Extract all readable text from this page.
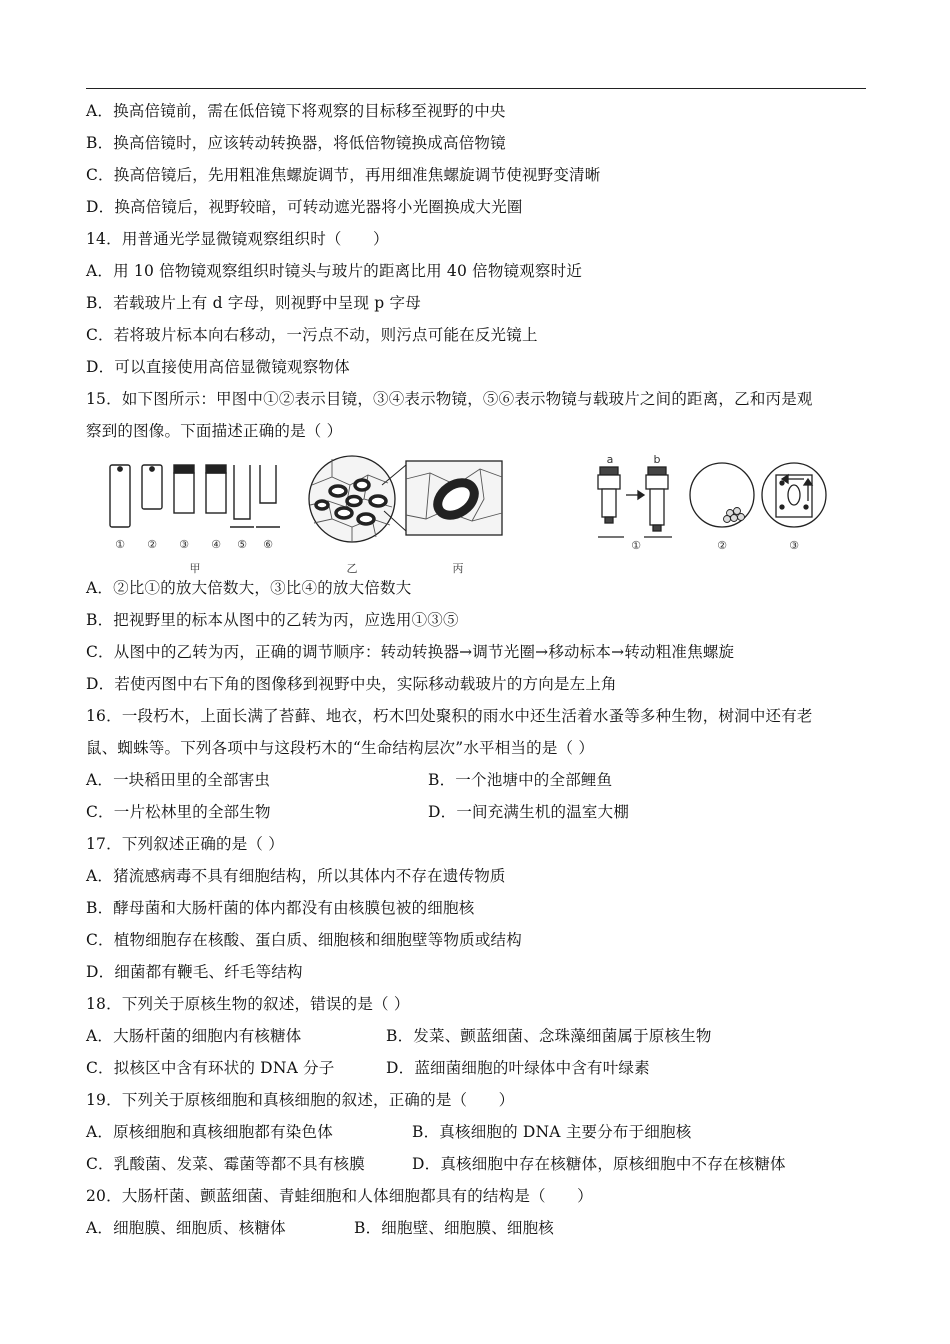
A．换高倍镜前，需在低倍镜下将观察的目标移至视野的中央
B．换高倍镜时，应该转动转换器，将低倍物镜换成高倍物镜
C．换高倍镜后，先用粗准焦螺旋调节，再用细准焦螺旋调节使视野变清晰
D．换高倍镜后，视野较暗，可转动遮光器将小光圈换成大光圈
14．用普通光学显微镜观察组织时（　　）
A．用 10 倍物镜观察组织时镜头与玻片的距离比用 40 倍物镜观察时近
B．若载玻片上有 d 字母，则视野中呈现 p 字母
C．若将玻片标本向右移动，一污点不动，则污点可能在反光镜上
D．可以直接使用高倍显微镜观察物体
15．如下图所示：甲图中①②表示目镜，③④表示物镜，⑤⑥表示物镜与载玻片之间的距离，乙和丙是观
察到的图像。下面描述正确的是（ ）
① ② ③ ④ ⑤ ⑥
甲	乙	丙
a	b
①	②	③
A．②比①的放大倍数大，③比④的放大倍数大
B．把视野里的标本从图中的乙转为丙，应选用①③⑤
C．从图中的乙转为丙，正确的调节顺序：转动转换器→调节光圈→移动标本→转动粗准焦螺旋
D．若使丙图中右下角的图像移到视野中央，实际移动载玻片的方向是左上角
16．一段朽木，上面长满了苔藓、地衣，朽木凹处聚积的雨水中还生活着水蚤等多种生物，树洞中还有老
鼠、蜘蛛等。下列各项中与这段朽木的“生命结构层次”水平相当的是（ ）
A．一块稻田里的全部害虫	B．一个池塘中的全部鲤鱼
C．一片松林里的全部生物	D．一间充满生机的温室大棚
17．下列叙述正确的是（ ）
A．猪流感病毒不具有细胞结构，所以其体内不存在遗传物质
B．酵母菌和大肠杆菌的体内都没有由核膜包被的细胞核
C．植物细胞存在核酸、蛋白质、细胞核和细胞壁等物质或结构
D．细菌都有鞭毛、纤毛等结构
18．下列关于原核生物的叙述，错误的是（ ）
A．大肠杆菌的细胞内有核糖体	B．发菜、颤蓝细菌、念珠藻细菌属于原核生物
C．拟核区中含有环状的 DNA 分子	D．蓝细菌细胞的叶绿体中含有叶绿素
19．下列关于原核细胞和真核细胞的叙述，正确的是（　　）
A．原核细胞和真核细胞都有染色体	B．真核细胞的 DNA 主要分布于细胞核
C．乳酸菌、发菜、霉菌等都不具有核膜	D．真核细胞中存在核糖体，原核细胞中不存在核糖体
20．大肠杆菌、颤蓝细菌、青蛙细胞和人体细胞都具有的结构是（　　）
A．细胞膜、细胞质、核糖体	B．细胞壁、细胞膜、细胞核
